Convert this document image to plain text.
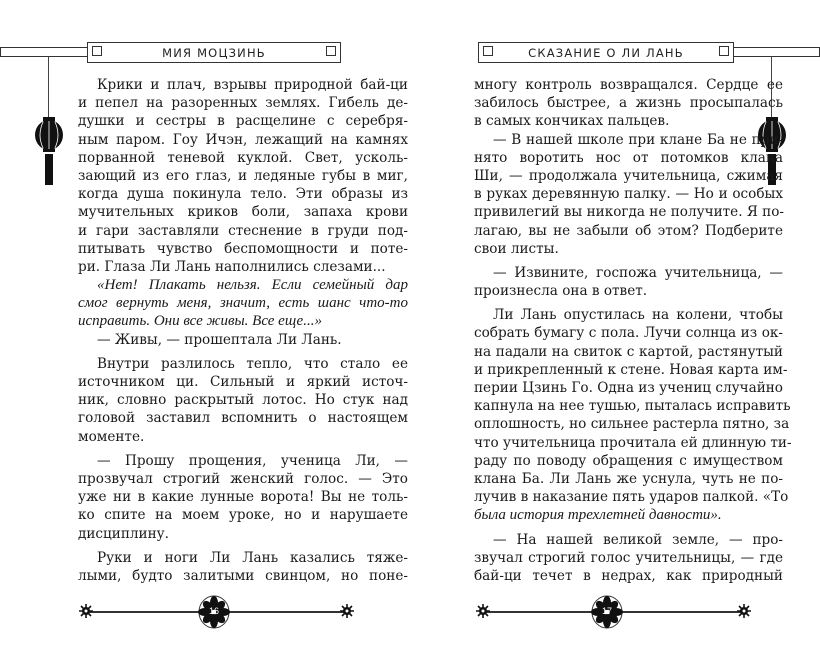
МИЯ МОЦЗИНЬ
Крики и плач, взрывы природной бай-ци
и пепел на разоренных землях. Гибель де-
душки и сестры в расщелине с серебря-
ным паром. Гоу Ичэн, лежащий на камнях
порванной теневой куклой. Свет, усколь-
зающий из его глаз, и ледяные губы в миг,
когда душа покинула тело. Эти образы из
мучительных криков боли, запаха крови
и гари заставляли стеснение в груди под-
питывать чувство беспомощности и поте-
ри. Глаза Ли Лань наполнились слезами...
«Нет! Плакать нельзя. Если семейный дар
смог вернуть меня, значит, есть шанс что-то
исправить. Они все живы. Все еще...»
— Живы, — прошептала Ли Лань.
Внутри разлилось тепло, что стало ее
источником ци. Сильный и яркий источ-
ник, словно раскрытый лотос. Но стук над
головой заставил вспомнить о настоящем
моменте.
— Прошу прощения, ученица Ли, —
прозвучал строгий женский голос. — Это
уже ни в какие лунные ворота! Вы не толь-
ко спите на моем уроке, но и нарушаете
дисциплину.
Руки и ноги Ли Лань казались тяже-
лыми, будто залитыми свинцом, но поне-
16
СКАЗАНИЕ О ЛИ ЛАНЬ
многу контроль возвращался. Сердце ее
забилось быстрее, а жизнь просыпалась
в самых кончиках пальцев.
— В нашей школе при клане Ба не при-
нято воротить нос от потомков клана
Ши, — продолжала учительница, сжимая
в руках деревянную палку. — Но и особых
привилегий вы никогда не получите. Я по-
лагаю, вы не забыли об этом? Подберите
свои листы.
— Извините, госпожа учительница, —
произнесла она в ответ.
Ли Лань опустилась на колени, чтобы
собрать бумагу с пола. Лучи солнца из ок-
на падали на свиток с картой, растянутый
и прикрепленный к стене. Новая карта им-
перии Цзинь Го. Одна из учениц случайно
капнула на нее тушью, пыталась исправить
оплошность, но сильнее растерла пятно, за
что учительница прочитала ей длинную ти-
раду по поводу обращения с имуществом
клана Ба. Ли Лань же уснула, чуть не по-
лучив в наказание пять ударов палкой. «То
была история трехлетней давности».
— На нашей великой земле, — про-
звучал строгий голос учительницы, — где
бай-ци течет в недрах, как природный
17
